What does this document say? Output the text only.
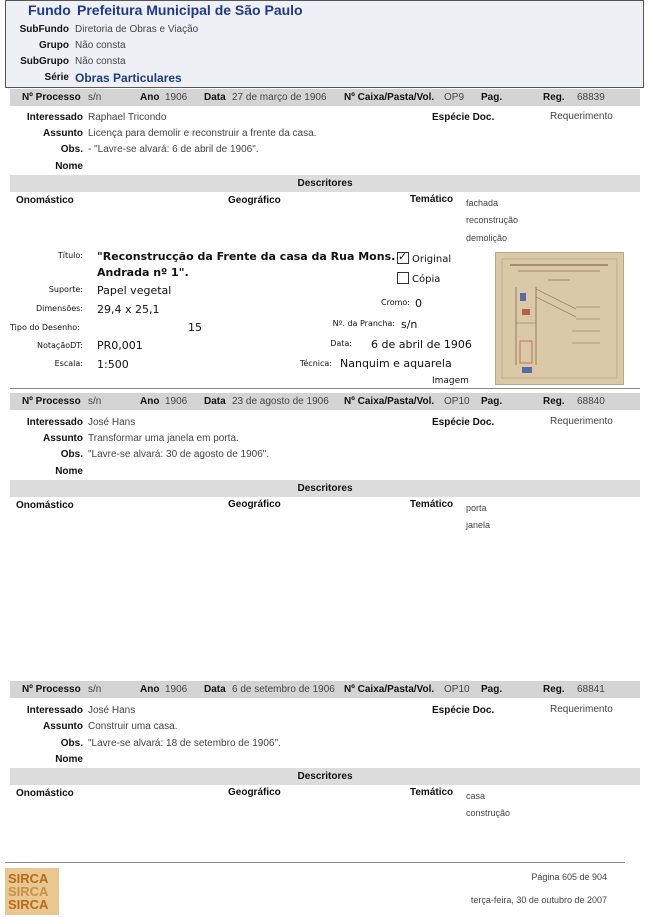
Fundo Prefeitura Municipal de São Paulo
SubFundo Diretoria de Obras e Viação
Grupo Não consta
SubGrupo Não consta
Série Obras Particulares
Nº Processo s/n	Ano 1906 Data 27 de março de 1906 Nº Caixa/Pasta/Vol. OP9 Pag.	Reg. 68839
Interessado Raphael Tricondo	Espécie Doc.	Requerimento
Assunto Licença para demolir e reconstruir a frente da casa.
Obs. - "Lavre-se alvará: 6 de abril de 1906".
Nome
Descritores
Onomástico	Geográfico	Temático fachada
reconstrução
demolição
Título: "Reconstrucção da Frente da casa da Rua Mons.
Andrada nº 1".
Suporte: Papel vegetal
Dimensões: 29,4 x 25,1
Tipo do Desenho:	15
NotaçãoDT: PR0,001
Escala: 1:500
✓
Original
Cópia
Cromo: 0
Nº. da Prancha: s/n
Data: 6 de abril de 1906
Técnica: Nanquim e aquarela
Imagem
Nº Processo s/n	Ano 1906 Data 23 de agosto de 1906 Nº Caixa/Pasta/Vol. OP10 Pag.	Reg. 68840
Interessado José Hans	Espécie Doc.	Requerimento
Assunto Transformar uma janela em porta.
Obs. "Lavre-se alvará: 30 de agosto de 1906".
Nome
Descritores
Onomástico	Geográfico	Temático porta
janela
Nº Processo s/n	Ano 1906 Data 6 de setembro de 1906 Nº Caixa/Pasta/Vol. OP10 Pag.	Reg. 68841
Interessado José Hans	Espécie Doc.	Requerimento
Assunto Construir uma casa.
Obs. "Lavre-se alvará: 18 de setembro de 1906".
Nome
Descritores
Onomástico	Geográfico	Temático casa
construção
SIRCA
SIRCA
SIRCA
Página 605 de 904
terça-feira, 30 de outubro de 2007
